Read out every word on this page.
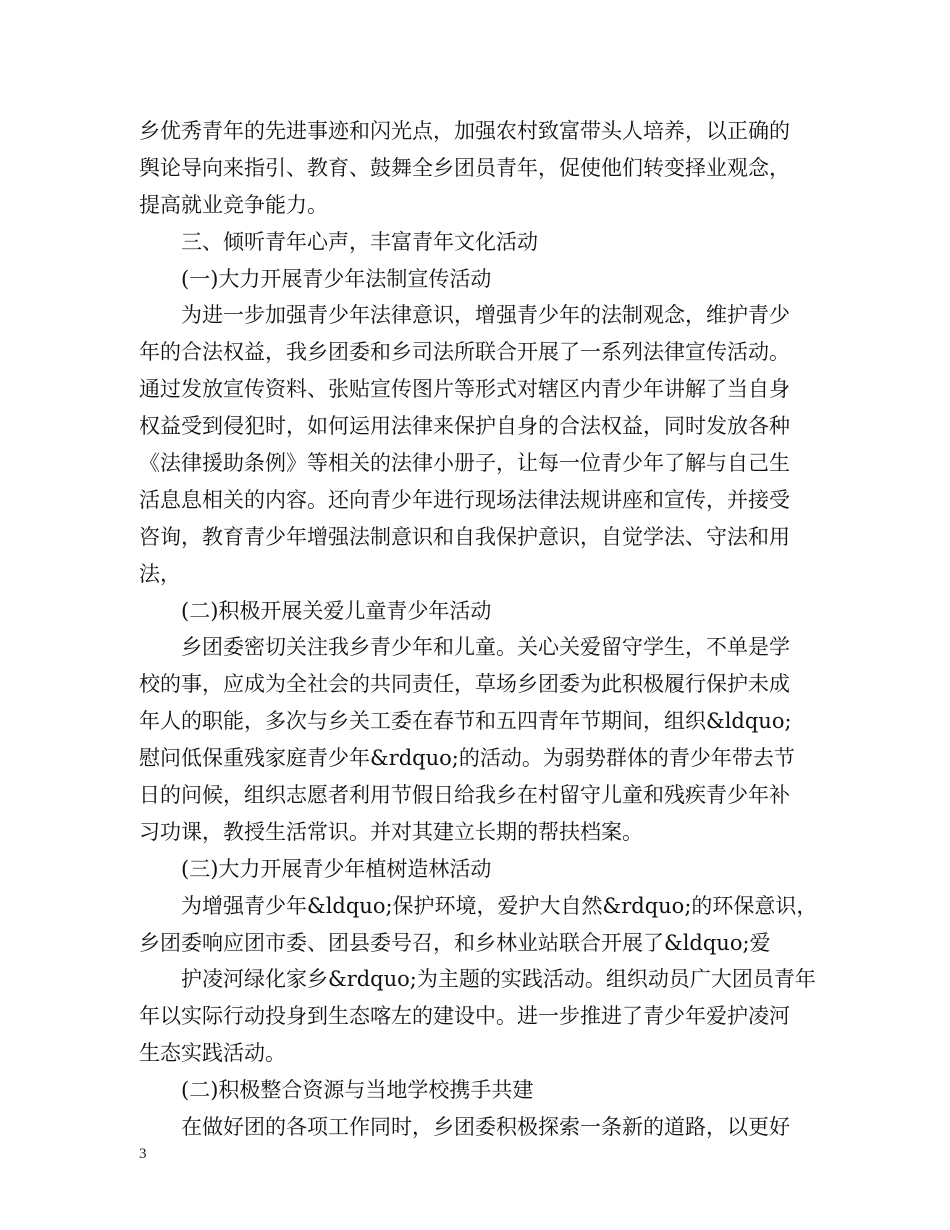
乡优秀青年的先进事迹和闪光点，加强农村致富带头人培养，以正确的
舆论导向来指引、教育、鼓舞全乡团员青年，促使他们转变择业观念，
提高就业竞争能力。
三、倾听青年心声，丰富青年文化活动
(一)大力开展青少年法制宣传活动
为进一步加强青少年法律意识，增强青少年的法制观念，维护青少
年的合法权益，我乡团委和乡司法所联合开展了一系列法律宣传活动。
通过发放宣传资料、张贴宣传图片等形式对辖区内青少年讲解了当自身
权益受到侵犯时，如何运用法律来保护自身的合法权益，同时发放各种
《法律援助条例》等相关的法律小册子，让每一位青少年了解与自己生
活息息相关的内容。还向青少年进行现场法律法规讲座和宣传，并接受
咨询，教育青少年增强法制意识和自我保护意识，自觉学法、守法和用
法，
(二)积极开展关爱儿童青少年活动
乡团委密切关注我乡青少年和儿童。关心关爱留守学生，不单是学
校的事，应成为全社会的共同责任，草场乡团委为此积极履行保护未成
年人的职能，多次与乡关工委在春节和五四青年节期间，组织&ldquo;
慰问低保重残家庭青少年&rdquo;的活动。为弱势群体的青少年带去节
日的问候，组织志愿者利用节假日给我乡在村留守儿童和残疾青少年补
习功课，教授生活常识。并对其建立长期的帮扶档案。
(三)大力开展青少年植树造林活动
为增强青少年&ldquo;保护环境，爱护大自然&rdquo;的环保意识，
乡团委响应团市委、团县委号召，和乡林业站联合开展了&ldquo;爱
护凌河绿化家乡&rdquo;为主题的实践活动。组织动员广大团员青年
年以实际行动投身到生态喀左的建设中。进一步推进了青少年爱护凌河
生态实践活动。
(二)积极整合资源与当地学校携手共建
在做好团的各项工作同时，乡团委积极探索一条新的道路，以更好
3
